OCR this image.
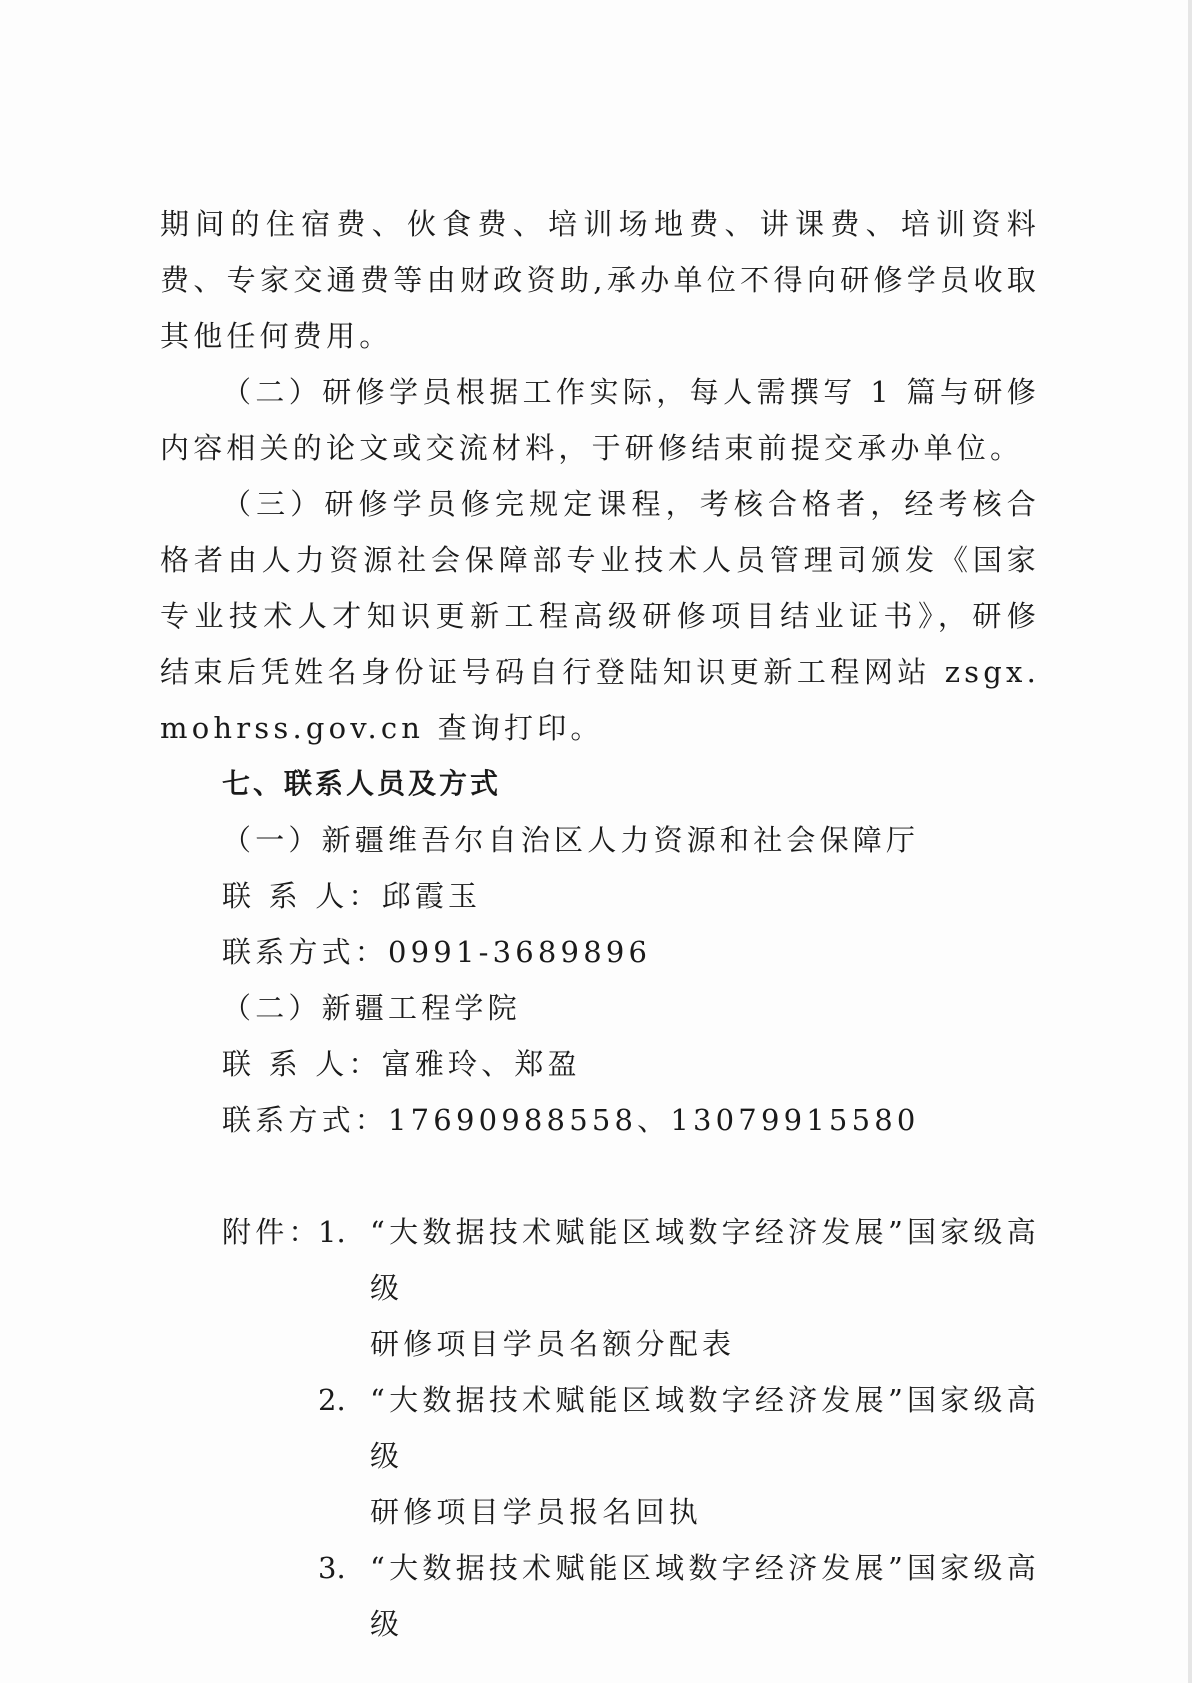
期间的住宿费、伙食费、培训场地费、讲课费、培训资料费、专家交通费等由财政资助,承办单位不得向研修学员收取其他任何费用。

（二）研修学员根据工作实际，每人需撰写 1 篇与研修内容相关的论文或交流材料，于研修结束前提交承办单位。

（三）研修学员修完规定课程，考核合格者，经考核合格者由人力资源社会保障部专业技术人员管理司颁发《国家专业技术人才知识更新工程高级研修项目结业证书》，研修结束后凭姓名身份证号码自行登陆知识更新工程网站 zsgx.mohrss.gov.cn 查询打印。

七、联系人员及方式

（一）新疆维吾尔自治区人力资源和社会保障厅

联 系 人：邱霞玉

联系方式：0991-3689896

（二）新疆工程学院

联 系 人：富雅玲、郑盈

联系方式：17690988558、13079915580

附件：
1. “大数据技术赋能区域数字经济发展”国家级高级

研修项目学员名额分配表

2. “大数据技术赋能区域数字经济发展”国家级高级

研修项目学员报名回执

3. “大数据技术赋能区域数字经济发展”国家级高级
